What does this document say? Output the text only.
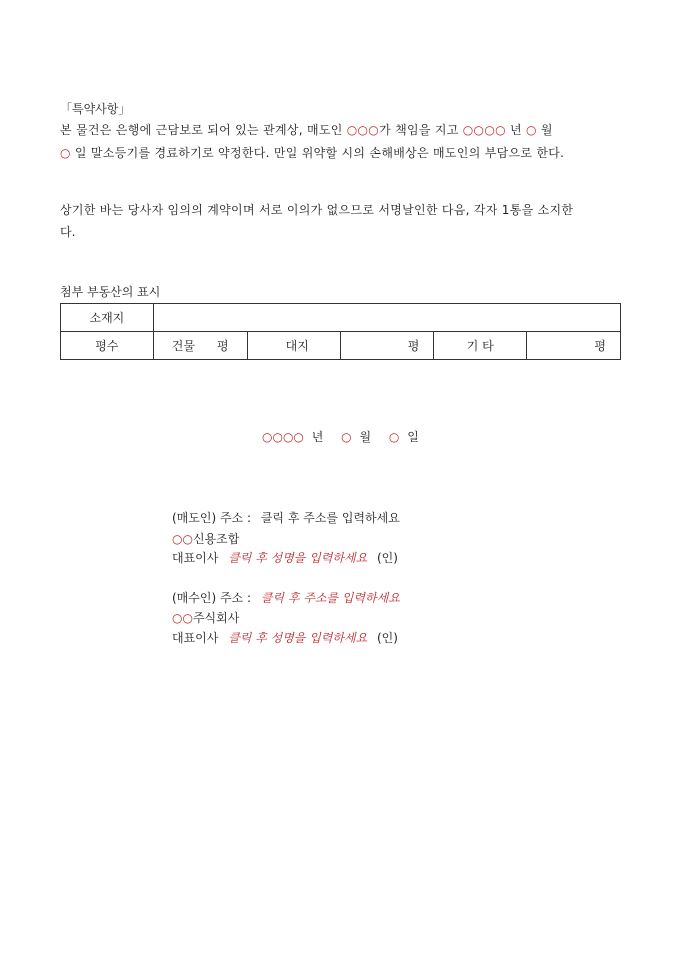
「특약사항」
본 물건은 은행에 근담보로 되어 있는 관계상, 매도인 ○○○가 책임을 지고 ○○○○ 년 ○ 월
○ 일 말소등기를 경료하기로 약정한다. 만일 위약할 시의 손해배상은 매도인의 부담으로 한다.
상기한 바는 당사자 임의의 계약이며 서로 이의가 없으므로 서명날인한 다음, 각자 1통을 소지한
다.
첨부 부동산의 표시
소재지					
평수	건물 평	대지	평	기 타	평
○○○○ 년 ○ 월 ○ 일
(매도인) 주소 : 클릭 후 주소를 입력하세요
○○신용조합
대표이사 클릭 후 성명을 입력하세요 (인)
(매수인) 주소 : 클릭 후 주소를 입력하세요
○○주식회사
대표이사 클릭 후 성명을 입력하세요 (인)
